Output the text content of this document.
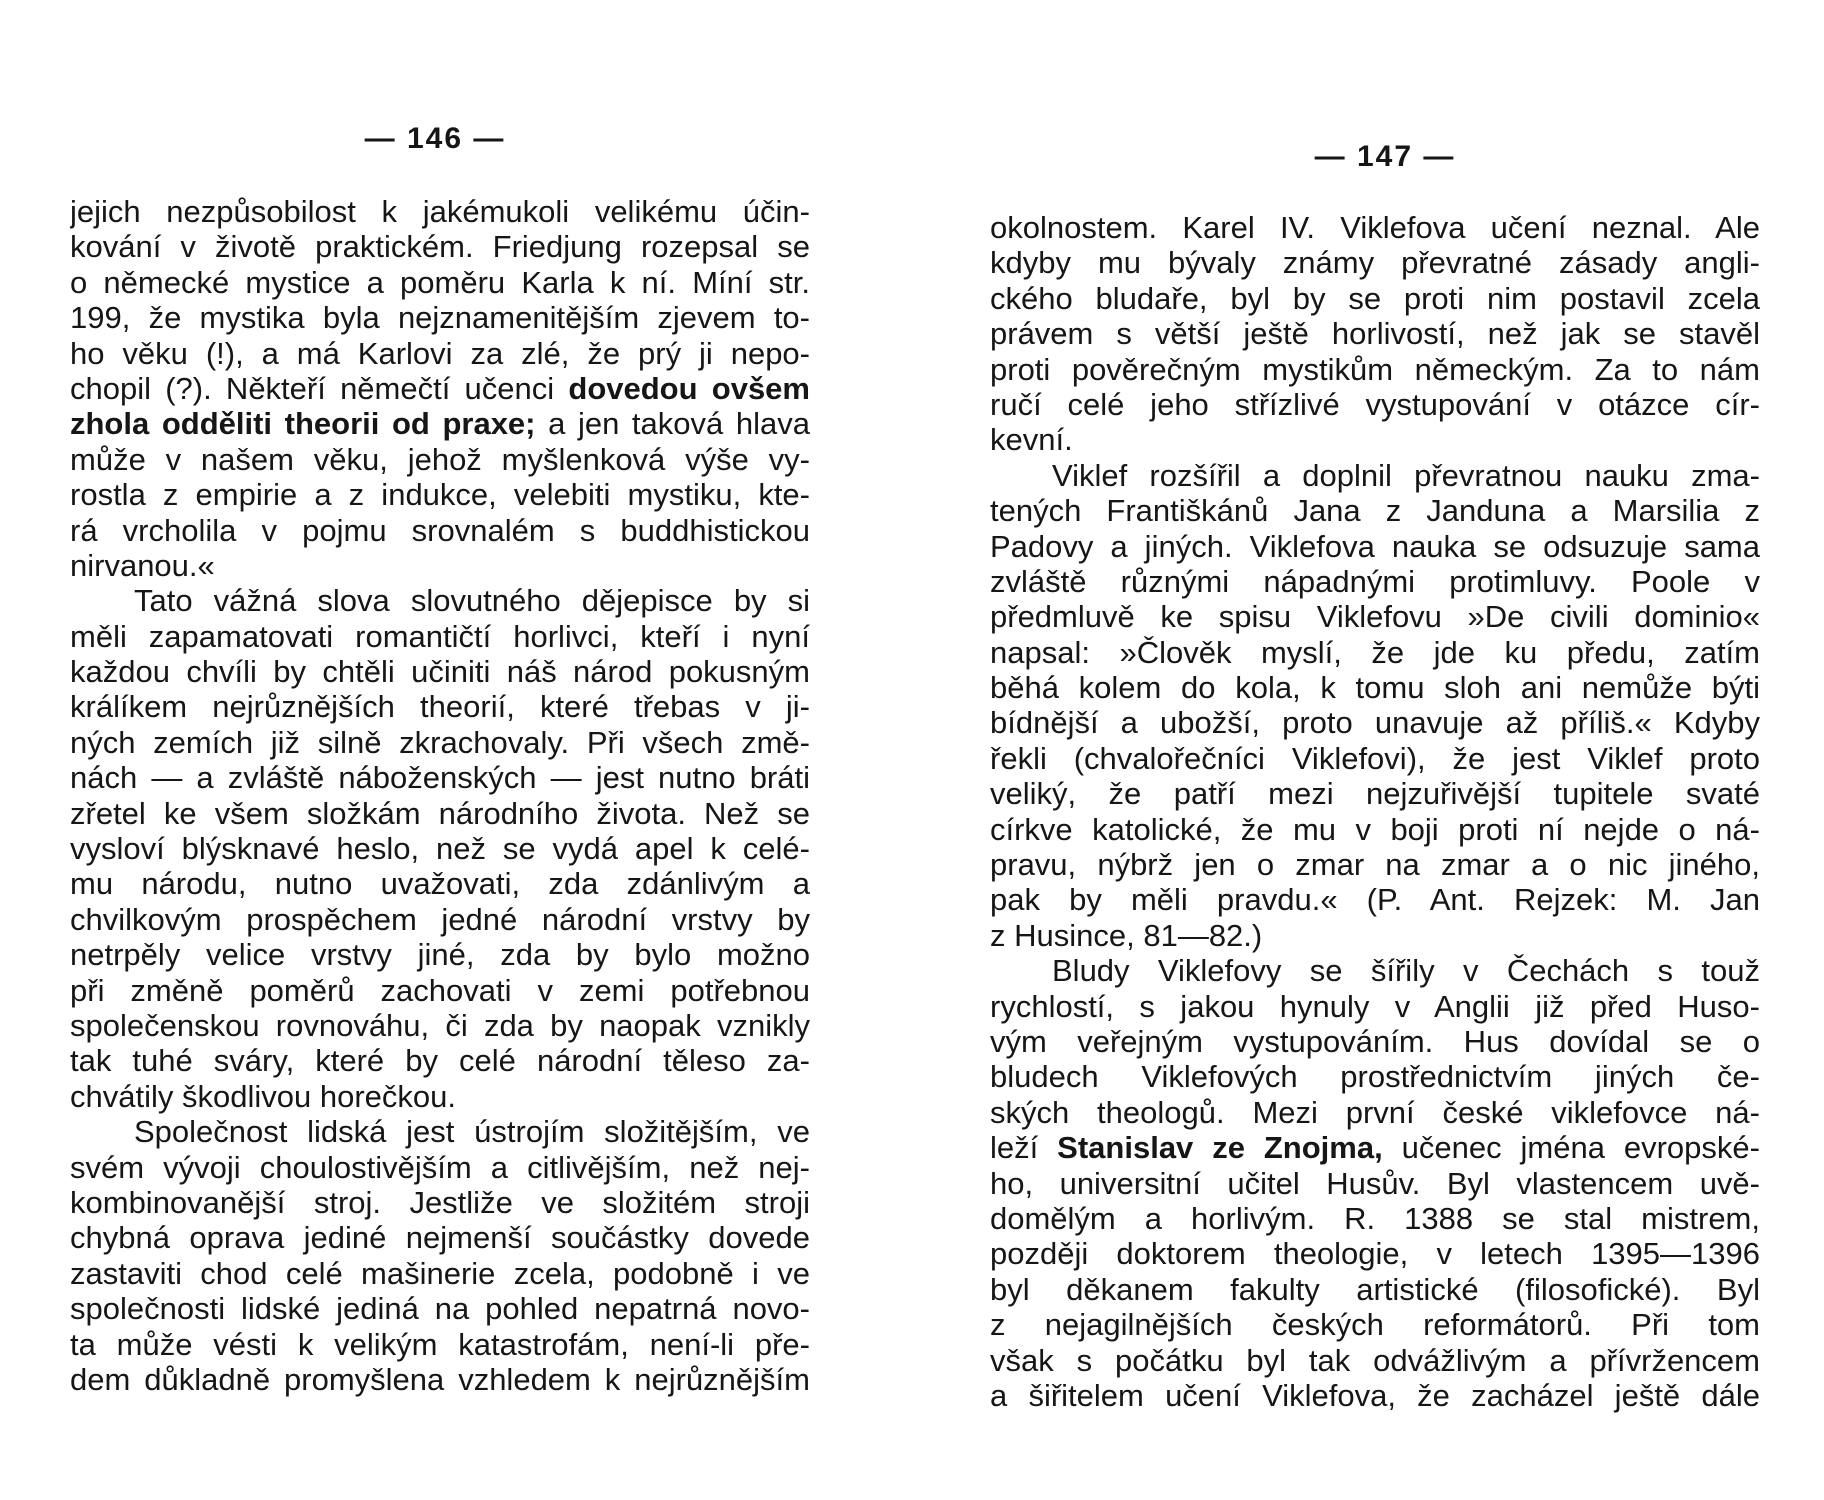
— 146 —
jejich nezpůsobilost k jakémukoli velikému účin-
kování v životě praktickém. Friedjung rozepsal se
o německé mystice a poměru Karla k ní. Míní str.
199, že mystika byla nejznamenitějším zjevem to-
ho věku (!), a má Karlovi za zlé, že prý ji nepo-
chopil (?). Někteří němečtí učenci dovedou ovšem
zhola odděliti theorii od praxe; a jen taková hlava
může v našem věku, jehož myšlenková výše vy-
rostla z empirie a z indukce, velebiti mystiku, kte-
rá vrcholila v pojmu srovnalém s buddhistickou
nirvanou.«
Tato vážná slova slovutného dějepisce by si
měli zapamatovati romantičtí horlivci, kteří i nyní
každou chvíli by chtěli učiniti náš národ pokusným
králíkem nejrůznějších theorií, které třebas v ji-
ných zemích již silně zkrachovaly. Při všech změ-
nách — a zvláště náboženských — jest nutno bráti
zřetel ke všem složkám národního života. Než se
vysloví blýsknavé heslo, než se vydá apel k celé-
mu národu, nutno uvažovati, zda zdánlivým a
chvilkovým prospěchem jedné národní vrstvy by
netrpěly velice vrstvy jiné, zda by bylo možno
při změně poměrů zachovati v zemi potřebnou
společenskou rovnováhu, či zda by naopak vznikly
tak tuhé sváry, které by celé národní těleso za-
chvátily škodlivou horečkou.
Společnost lidská jest ústrojím složitějším, ve
svém vývoji choulostivějším a citlivějším, než nej-
kombinovanější stroj. Jestliže ve složitém stroji
chybná oprava jediné nejmenší součástky dovede
zastaviti chod celé mašinerie zcela, podobně i ve
společnosti lidské jediná na pohled nepatrná novo-
ta může vésti k velikým katastrofám, není-li pře-
dem důkladně promyšlena vzhledem k nejrůznějším
— 147 —
okolnostem. Karel IV. Viklefova učení neznal. Ale
kdyby mu bývaly známy převratné zásady angli-
ckého bludaře, byl by se proti nim postavil zcela
právem s větší ještě horlivostí, než jak se stavěl
proti pověrečným mystikům německým. Za to nám
ručí celé jeho střízlivé vystupování v otázce cír-
kevní.
Viklef rozšířil a doplnil převratnou nauku zma-
tených Františkánů Jana z Janduna a Marsilia z
Padovy a jiných. Viklefova nauka se odsuzuje sama
zvláště různými nápadnými protimluvy. Poole v
předmluvě ke spisu Viklefovu »De civili dominio«
napsal: »Člověk myslí, že jde ku předu, zatím
běhá kolem do kola, k tomu sloh ani nemůže býti
bídnější a ubožší, proto unavuje až příliš.« Kdyby
řekli (chvalořečníci Viklefovi), že jest Viklef proto
veliký, že patří mezi nejzuřivější tupitele svaté
církve katolické, že mu v boji proti ní nejde o ná-
pravu, nýbrž jen o zmar na zmar a o nic jiného,
pak by měli pravdu.« (P. Ant. Rejzek: M. Jan
z Husince, 81—82.)
Bludy Viklefovy se šířily v Čechách s touž
rychlostí, s jakou hynuly v Anglii již před Huso-
vým veřejným vystupováním. Hus dovídal se o
bludech Viklefových prostřednictvím jiných če-
ských theologů. Mezi první české viklefovce ná-
leží Stanislav ze Znojma, učenec jména evropské-
ho, universitní učitel Husův. Byl vlastencem uvě-
domělým a horlivým. R. 1388 se stal mistrem,
později doktorem theologie, v letech 1395—1396
byl děkanem fakulty artistické (filosofické). Byl
z nejagilnějších českých reformátorů. Při tom
však s počátku byl tak odvážlivým a přívržencem
a šiřitelem učení Viklefova, že zacházel ještě dále
